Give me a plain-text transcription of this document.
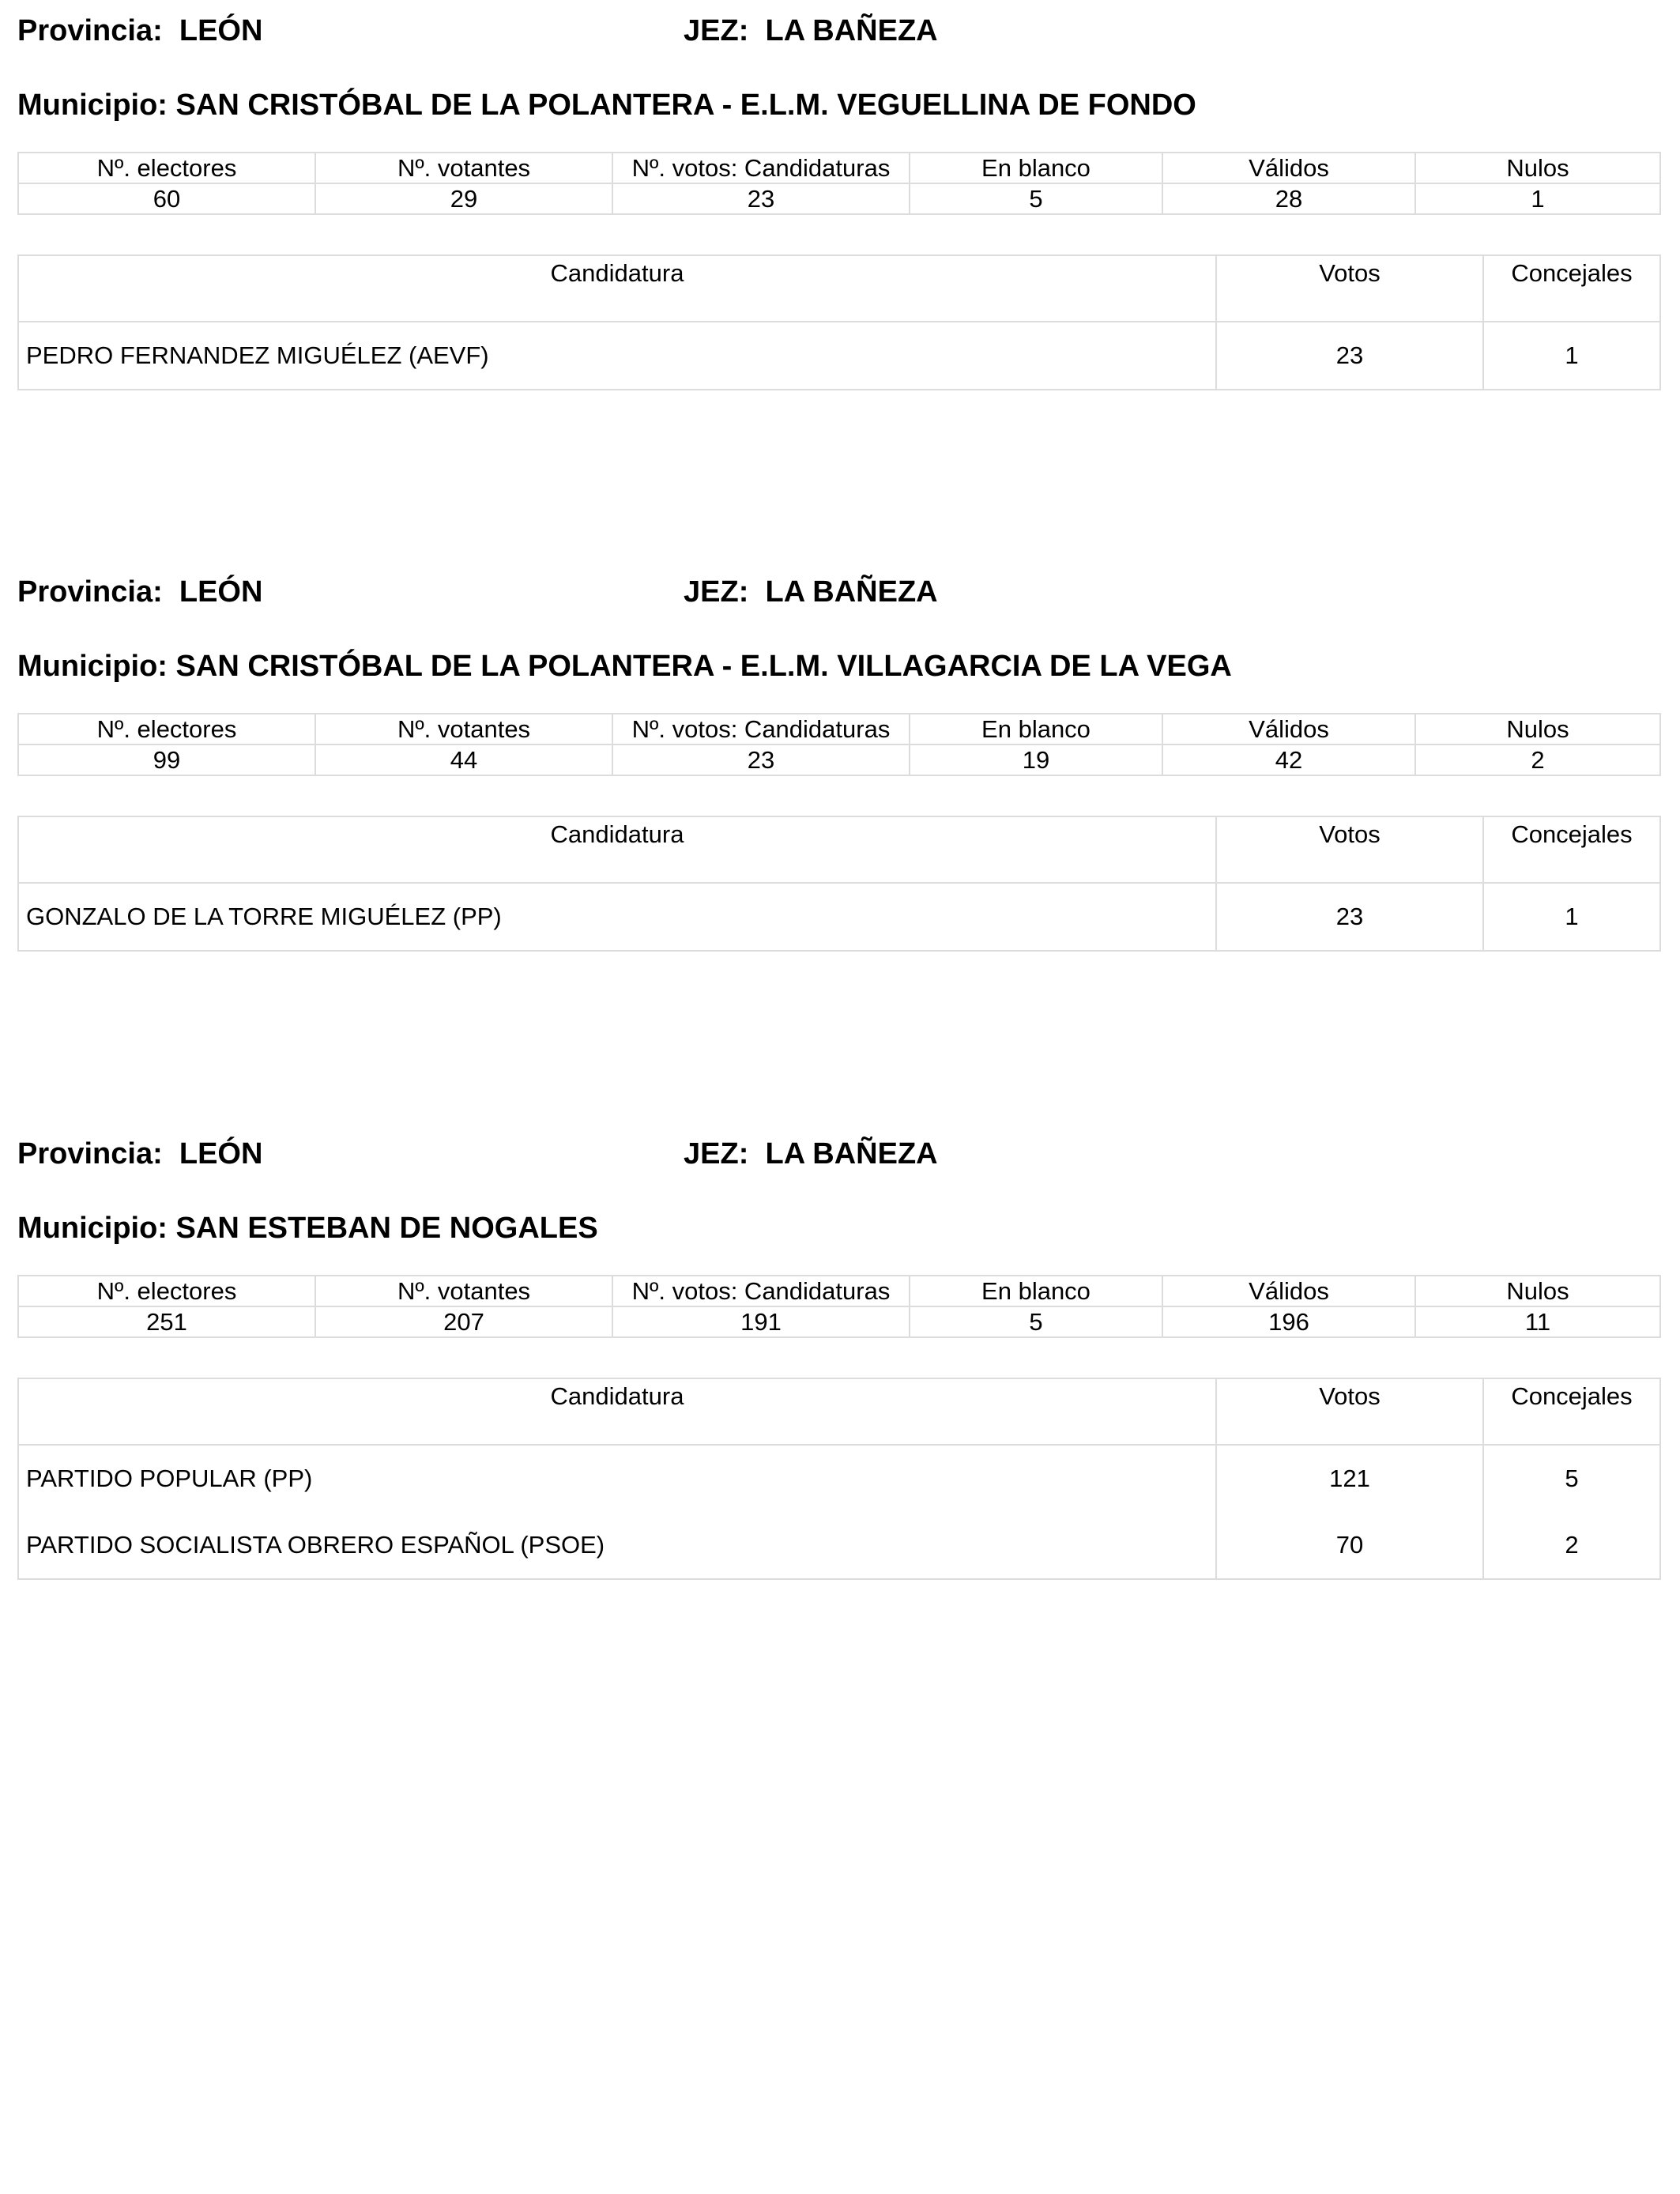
Provincia: LEÓN	JEZ: LA BAÑEZA
Municipio: SAN CRISTÓBAL DE LA POLANTERA - E.L.M. VEGUELLINA DE FONDO
Nº. electores	Nº. votantes	Nº. votos: Candidaturas	En blanco	Válidos	Nulos
60	29	23	5	28	1
Candidatura	Votos	Concejales
PEDRO FERNANDEZ MIGUÉLEZ (AEVF)	23	1
Provincia: LEÓN	JEZ: LA BAÑEZA
Municipio: SAN CRISTÓBAL DE LA POLANTERA - E.L.M. VILLAGARCIA DE LA VEGA
Nº. electores	Nº. votantes	Nº. votos: Candidaturas	En blanco	Válidos	Nulos
99	44	23	19	42	2
Candidatura	Votos	Concejales
GONZALO DE LA TORRE MIGUÉLEZ (PP)	23	1
Provincia: LEÓN	JEZ: LA BAÑEZA
Municipio: SAN ESTEBAN DE NOGALES
Nº. electores	Nº. votantes	Nº. votos: Candidaturas	En blanco	Válidos	Nulos
251	207	191	5	196	11
Candidatura	Votos	Concejales
PARTIDO POPULAR (PP)	121	5
PARTIDO SOCIALISTA OBRERO ESPAÑOL (PSOE)	70	2
